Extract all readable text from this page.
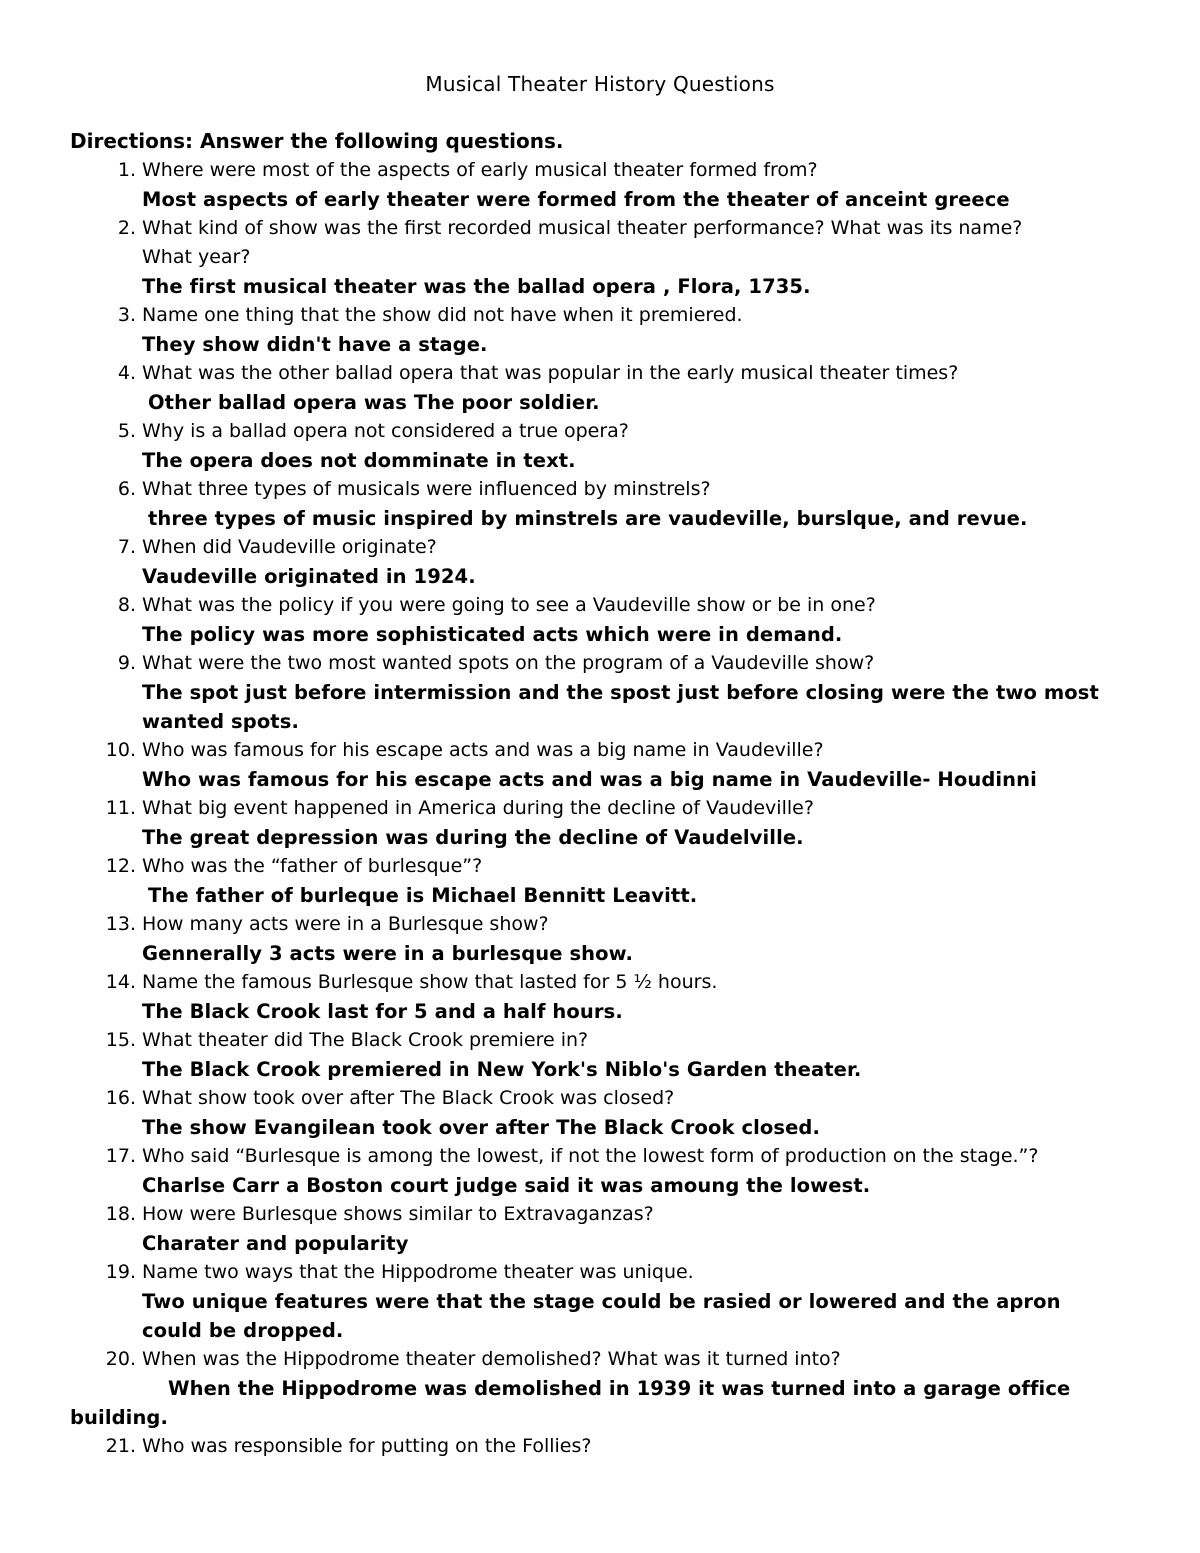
Musical Theater History Questions
Directions: Answer the following questions.
1. Where were most of the aspects of early musical theater formed from?
Most aspects of early theater were formed from the theater of anceint greece
2. What kind of show was the first recorded musical theater performance? What was its name? What year?
The first musical theater was the ballad opera , Flora, 1735.
3. Name one thing that the show did not have when it premiered.
They show didn't have a stage.
4. What was the other ballad opera that was popular in the early musical theater times?
Other ballad opera was The poor soldier.
5. Why is a ballad opera not considered a true opera?
The opera does not domminate in text.
6. What three types of musicals were influenced by minstrels?
three types of music inspired by minstrels are vaudeville, burslque, and revue.
7. When did Vaudeville originate?
Vaudeville originated in 1924.
8. What was the policy if you were going to see a Vaudeville show or be in one?
The policy was more sophisticated acts which were in demand.
9. What were the two most wanted spots on the program of a Vaudeville show?
The spot just before intermission and the spost just before closing were the two most wanted spots.
10. Who was famous for his escape acts and was a big name in Vaudeville?
Who was famous for his escape acts and was a big name in Vaudeville- Houdinni
11. What big event happened in America during the decline of Vaudeville?
The great depression was during the decline of Vaudelville.
12. Who was the “father of burlesque”?
The father of burleque is Michael Bennitt Leavitt.
13. How many acts were in a Burlesque show?
Gennerally 3 acts were in a burlesque show.
14. Name the famous Burlesque show that lasted for 5 ½ hours.
The Black Crook last for 5 and a half hours.
15. What theater did The Black Crook premiere in?
The Black Crook premiered in New York's Niblo's Garden theater.
16. What show took over after The Black Crook was closed?
The show Evangilean took over after The Black Crook closed.
17. Who said “Burlesque is among the lowest, if not the lowest form of production on the stage.”?
Charlse Carr a Boston court judge said it was amoung the lowest.
18. How were Burlesque shows similar to Extravaganzas?
Charater and popularity
19. Name two ways that the Hippodrome theater was unique.
Two unique features were that the stage could be rasied or lowered and the apron could be dropped.
20. When was the Hippodrome theater demolished? What was it turned into?
When the Hippodrome was demolished in 1939 it was turned into a garage office building.
21. Who was responsible for putting on the Follies?
